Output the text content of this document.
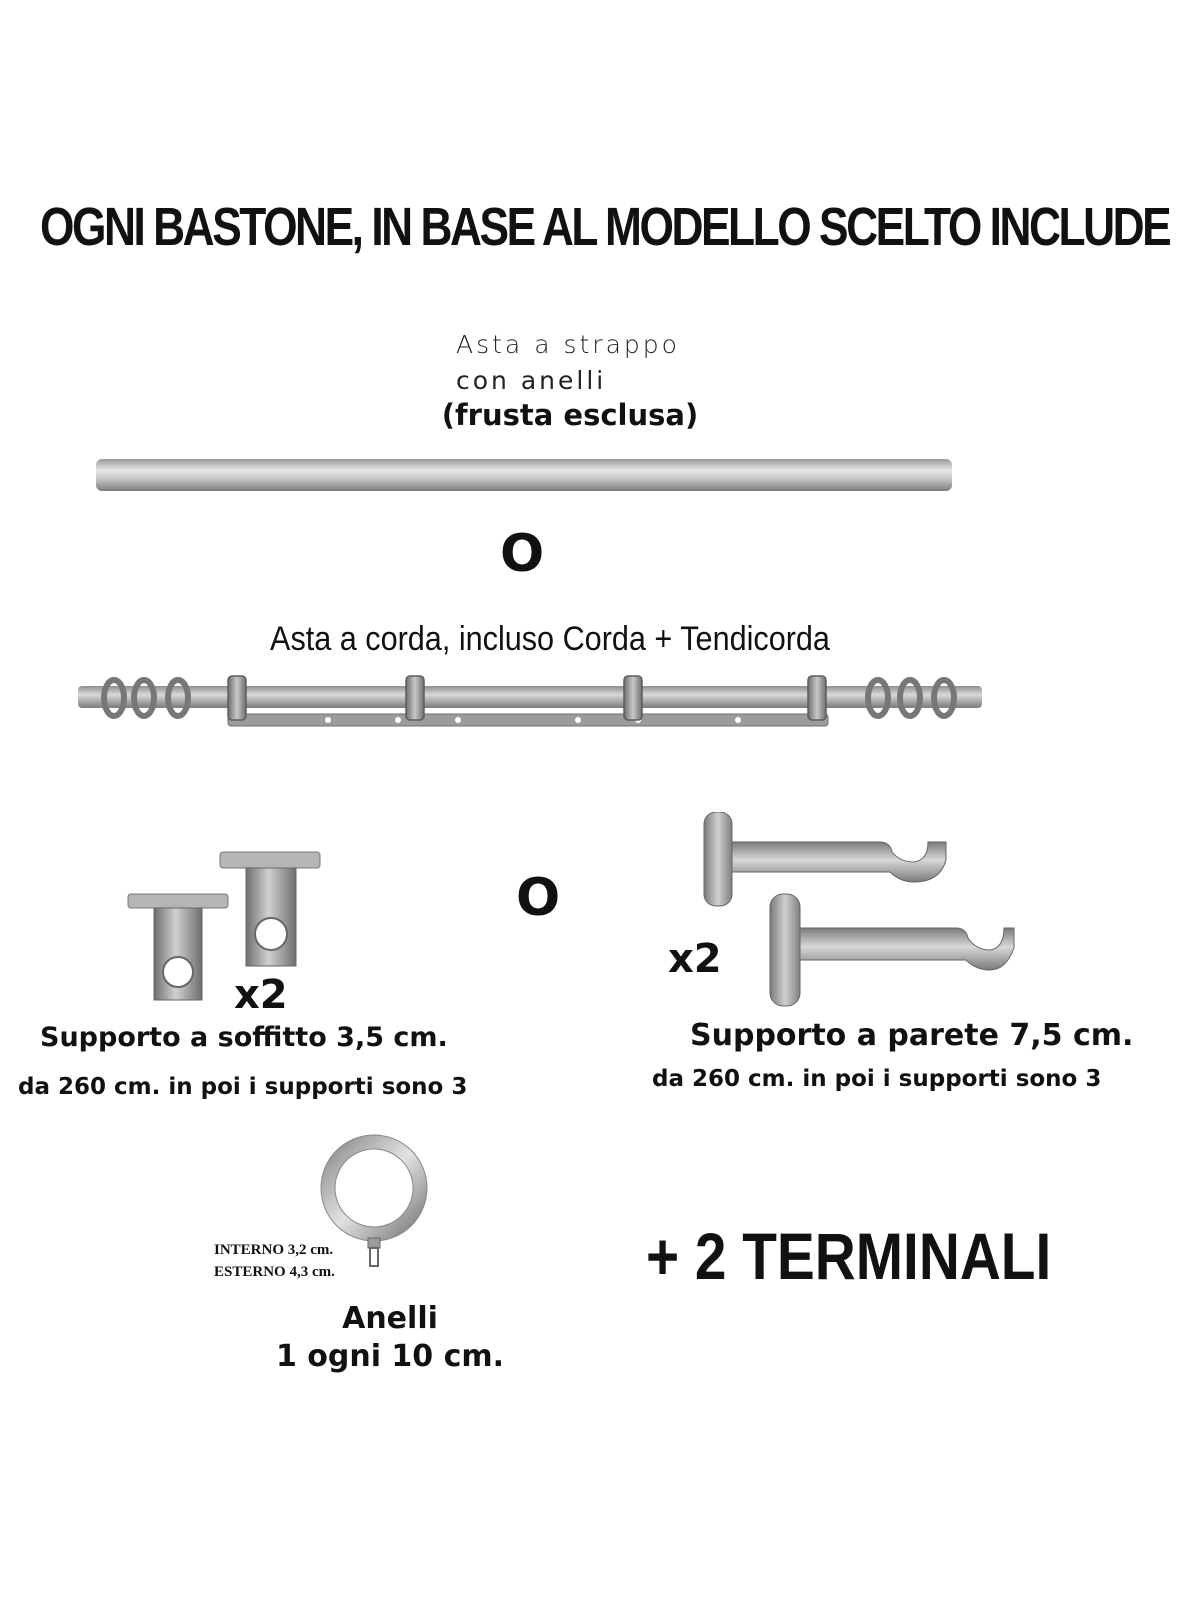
OGNI BASTONE, IN BASE AL MODELLO SCELTO INCLUDE
Asta a strappo
con anelli
(frusta esclusa)
O
Asta a corda, incluso Corda + Tendicorda
x2
O
x2
Supporto a soffitto 3,5 cm.
da 260 cm. in poi i supporti sono 3
Supporto a parete 7,5 cm.
da 260 cm. in poi i supporti sono 3
INTERNO 3,2 cm.
ESTERNO 4,3 cm.
Anelli
1 ogni 10 cm.
+ 2 TERMINALI
